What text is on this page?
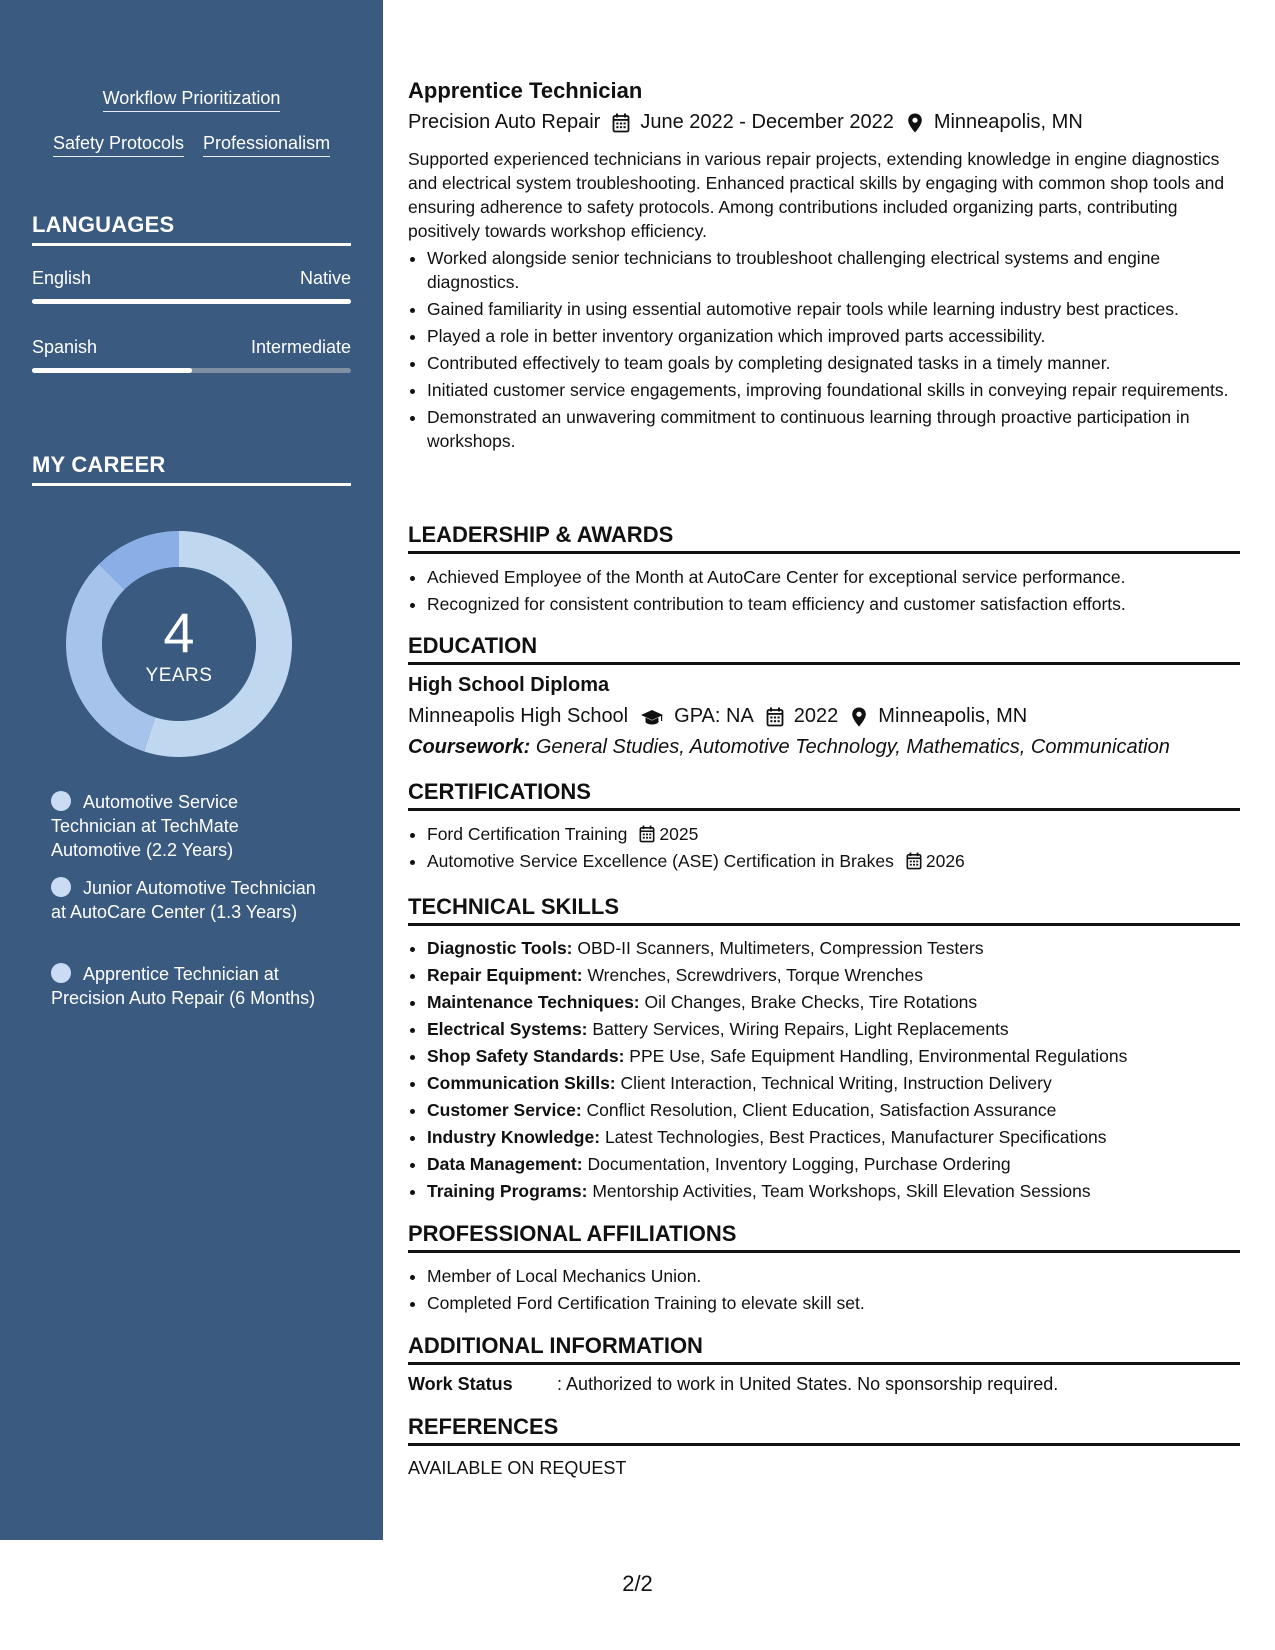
Workflow Prioritization
Safety Protocols Professionalism
LANGUAGES
English	Native
Spanish	Intermediate
MY CAREER
4
YEARS
Automotive Service Technician at TechMate Automotive (2.2 Years)
Junior Automotive Technician at AutoCare Center (1.3 Years)
Apprentice Technician at Precision Auto Repair (6 Months)
Apprentice Technician
Precision Auto Repair June 2022 - December 2022 Minneapolis, MN

Supported experienced technicians in various repair projects, extending knowledge in engine diagnostics and electrical system troubleshooting. Enhanced practical skills by engaging with common shop tools and ensuring adherence to safety protocols. Among contributions included organizing parts, contributing positively towards workshop efficiency.

• Worked alongside senior technicians to troubleshoot challenging electrical systems and engine diagnostics.
• Gained familiarity in using essential automotive repair tools while learning industry best practices.
• Played a role in better inventory organization which improved parts accessibility.
• Contributed effectively to team goals by completing designated tasks in a timely manner.
• Initiated customer service engagements, improving foundational skills in conveying repair requirements.
• Demonstrated an unwavering commitment to continuous learning through proactive participation in workshops.
LEADERSHIP & AWARDS
• Achieved Employee of the Month at AutoCare Center for exceptional service performance.
• Recognized for consistent contribution to team efficiency and customer satisfaction efforts.
EDUCATION
High School Diploma
Minneapolis High School GPA: NA 2022 Minneapolis, MN
Coursework: General Studies, Automotive Technology, Mathematics, Communication
CERTIFICATIONS
• Ford Certification Training 2025
• Automotive Service Excellence (ASE) Certification in Brakes 2026
TECHNICAL SKILLS
• Diagnostic Tools: OBD-II Scanners, Multimeters, Compression Testers
• Repair Equipment: Wrenches, Screwdrivers, Torque Wrenches
• Maintenance Techniques: Oil Changes, Brake Checks, Tire Rotations
• Electrical Systems: Battery Services, Wiring Repairs, Light Replacements
• Shop Safety Standards: PPE Use, Safe Equipment Handling, Environmental Regulations
• Communication Skills: Client Interaction, Technical Writing, Instruction Delivery
• Customer Service: Conflict Resolution, Client Education, Satisfaction Assurance
• Industry Knowledge: Latest Technologies, Best Practices, Manufacturer Specifications
• Data Management: Documentation, Inventory Logging, Purchase Ordering
• Training Programs: Mentorship Activities, Team Workshops, Skill Elevation Sessions
PROFESSIONAL AFFILIATIONS
• Member of Local Mechanics Union.
• Completed Ford Certification Training to elevate skill set.
ADDITIONAL INFORMATION
Work Status : Authorized to work in United States. No sponsorship required.
REFERENCES
AVAILABLE ON REQUEST
2/2
